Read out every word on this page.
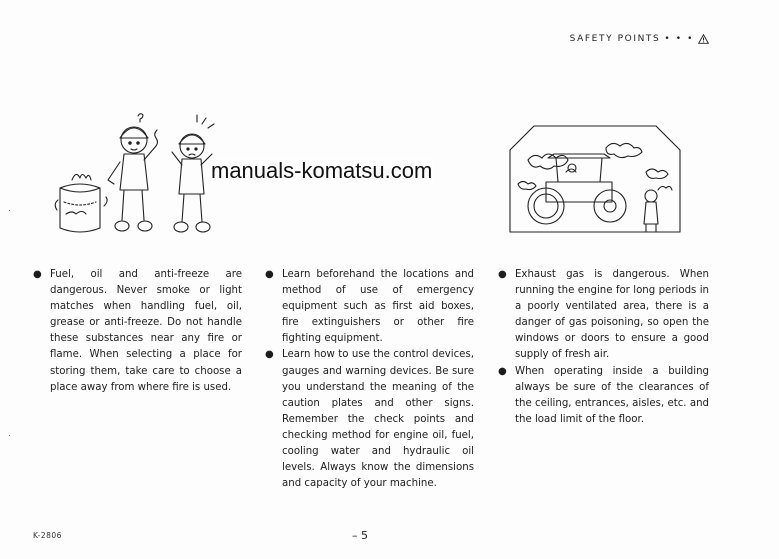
SAFETY POINTS • • •
manuals-komatsu.com
● Fuel, oil and anti-freeze are dangerous. Never smoke or light matches when handling fuel, oil, grease or anti-freeze. Do not handle these substances near any fire or flame. When selecting a place for storing them, take care to choose a place away from where fire is used.
● Learn beforehand the locations and method of use of emergency equipment such as first aid boxes, fire extinguishers or other fire fighting equipment.
● Learn how to use the control devices, gauges and warning devices. Be sure you understand the meaning of the caution plates and other signs. Remember the check points and checking method for engine oil, fuel, cooling water and hydraulic oil levels. Always know the dimensions and capacity of your machine.
● Exhaust gas is dangerous. When running the engine for long periods in a poorly ventilated area, there is a danger of gas poisoning, so open the windows or doors to ensure a good supply of fresh air.
● When operating inside a building always be sure of the clearances of the ceiling, entrances, aisles, etc. and the load limit of the floor.
K-2806	– 5
